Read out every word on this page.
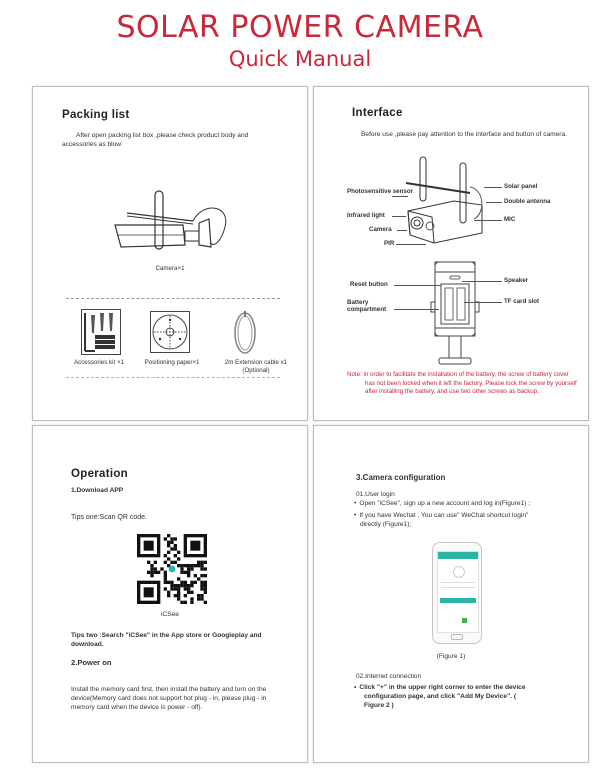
SOLAR POWER CAMERA
Quick Manual
Packing list
After open packing list box ,please check product body and accessories as blow:
Camera×1
Accessories kit ×1	Positioning paper×1	2m Extension cable x1
(Optional)
Interface
Before use ,please pay attention to the interface and button of camera.
Photosensitive sensor
Infrared light
Camera
PIR
Solar panel
Double antenna
MIC
Reset button
Battery compartment
Speaker
TF card slot
Note: in order to facilitate the installation of the battery, the screw of battery cover has not been locked when it left the factory. Please lock the screw by yourself after installing the battery, and use two other screws as backup.
Operation
1.Download APP
Tips one:Scan QR code.
iCSee
Tips two :Search "iCSee" in the App store or Googleplay and download.
2.Power on
Install the memory card first, then install the battery and turn on the device(Memory card does not support hot plug - in, please plug - in memory card when the device is power - off).
3.Camera configuration
01.User login
• Open "iCSee", sign up a new account and log in(Figure1) ;
• If you have Wechat , You can use" WeChat shortcut login" directly (Figure1);
(Figure 1)
02.Internet connection
• Click "+" in the upper right corner to enter the device configuration page, and click "Add My Device". ( Figure 2 )
